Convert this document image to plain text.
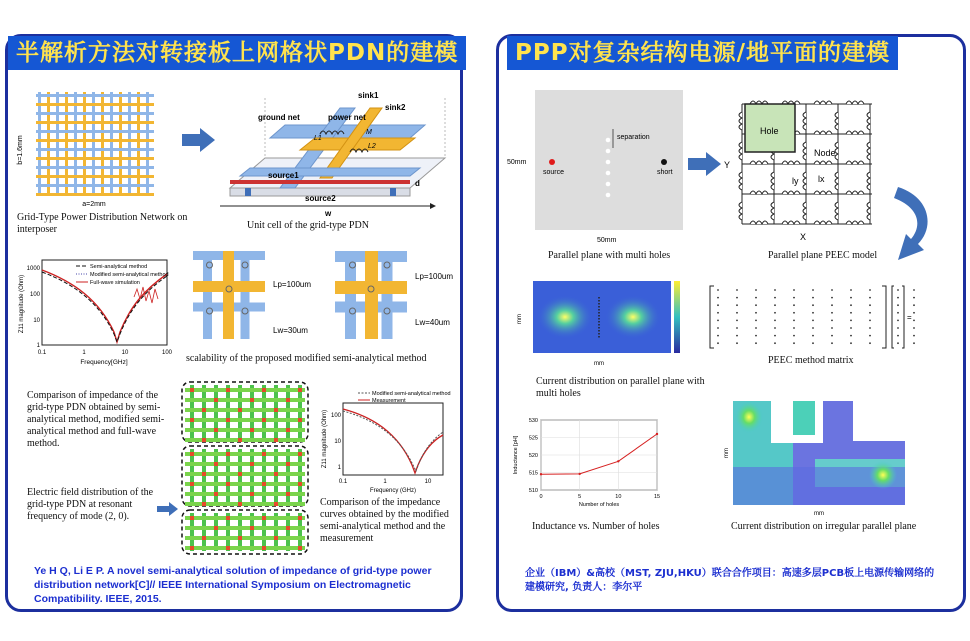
半解析方法对转接板上网格状PDN的建模
b=1.6mm
a=2mm
Grid-Type Power Distribution Network on interposer
sink1
sink2
ground net	power net
M
L1
L2
source1
source2
d
w
Unit cell of the grid-type PDN
1000
100
10
1
0.1	1	10	100
Frequency[GHz]
Z11 magnitude (Ohm)
Semi-analytical method
Modified semi-analytical method
Full-wave simulation	Lp=100um
Lw=30um
Lp=100um
Lw=40um
scalability of the proposed modified semi-analytical method
Comparison of impedance of the grid-type PDN obtained by semi-analytical method, modified semi-analytical method and full-wave method.
Electric field distribution of the grid-type PDN at resonant frequency of mode (2, 0).
100
10
1
0.1	1	10
Frequency (GHz)
Z11 magnitude (Ohm)
Modified semi-analytical method
Measurement
Comparison of the impedance curves obtained by the modified semi-analytical method and the measurement
Ye H Q, Li E P. A novel semi-analytical solution of impedance of grid-type power distribution network[C]// IEEE International Symposium on Electromagnetic Compatibility. IEEE, 2015.
PPP对复杂结构电源/地平面的建模
separation
source	short
50mm
50mm
Parallel plane with multi holes
Hole
Node
ly lx
Y
X
Parallel plane PEEC model
mm
mm
Current distribution on parallel plane with multi holes
=
PEEC method matrix
530
525
520
515
510
0	5	10	15
Number of holes
Inductance [pH]
Inductance vs. Number of holes
mm
mm
Current distribution on irregular parallel plane
企业（IBM）&高校（MST, ZJU,HKU）联合合作项目：高速多层PCB板上电源传输网络的建模研究, 负责人：李尔平
